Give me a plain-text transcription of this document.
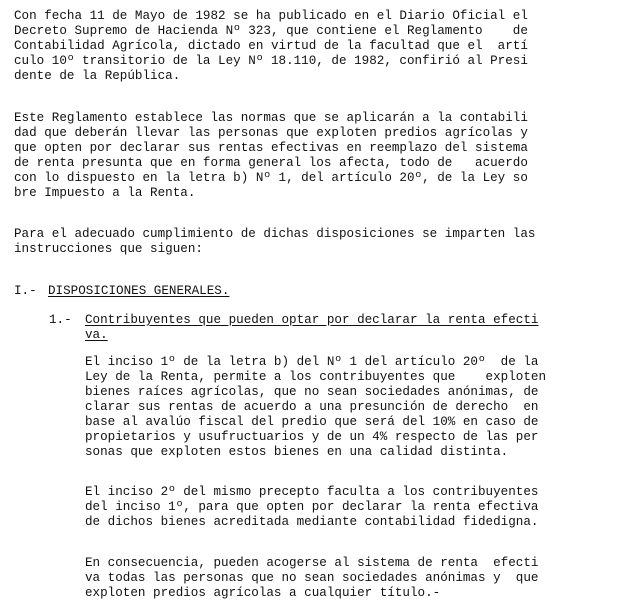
Con fecha 11 de Mayo de 1982 se ha publicado en el Diario Oficial el
Decreto Supremo de Hacienda Nº 323, que contiene el Reglamento    de
Contabilidad Agrícola, dictado en virtud de la facultad que el  artí
culo 10º transitorio de la Ley Nº 18.110, de 1982, confirió al Presi
dente de la República.
Este Reglamento establece las normas que se aplicarán a la contabili
dad que deberán llevar las personas que exploten predios agrícolas y
que opten por declarar sus rentas efectivas en reemplazo del sistema
de renta presunta que en forma general los afecta, todo de   acuerdo
con lo dispuesto en la letra b) Nº 1, del artículo 20º, de la Ley so
bre Impuesto a la Renta.
Para el adecuado cumplimiento de dichas disposiciones se imparten las
instrucciones que siguen:
I.- DISPOSICIONES GENERALES.
1.- Contribuyentes que pueden optar por declarar la renta efecti
va.
El inciso 1º de la letra b) del Nº 1 del artículo 20º  de la
Ley de la Renta, permite a los contribuyentes que    exploten
bienes raíces agrícolas, que no sean sociedades anónimas, de
clarar sus rentas de acuerdo a una presunción de derecho  en
base al avalúo fiscal del predio que será del 10% en caso de
propietarios y usufructuarios y de un 4% respecto de las per
sonas que exploten estos bienes en una calidad distinta.
El inciso 2º del mismo precepto faculta a los contribuyentes
del inciso 1º, para que opten por declarar la renta efectiva
de dichos bienes acreditada mediante contabilidad fidedigna.
En consecuencia, pueden acogerse al sistema de renta  efecti
va todas las personas que no sean sociedades anónimas y  que
exploten predios agrícolas a cualquier título.-
